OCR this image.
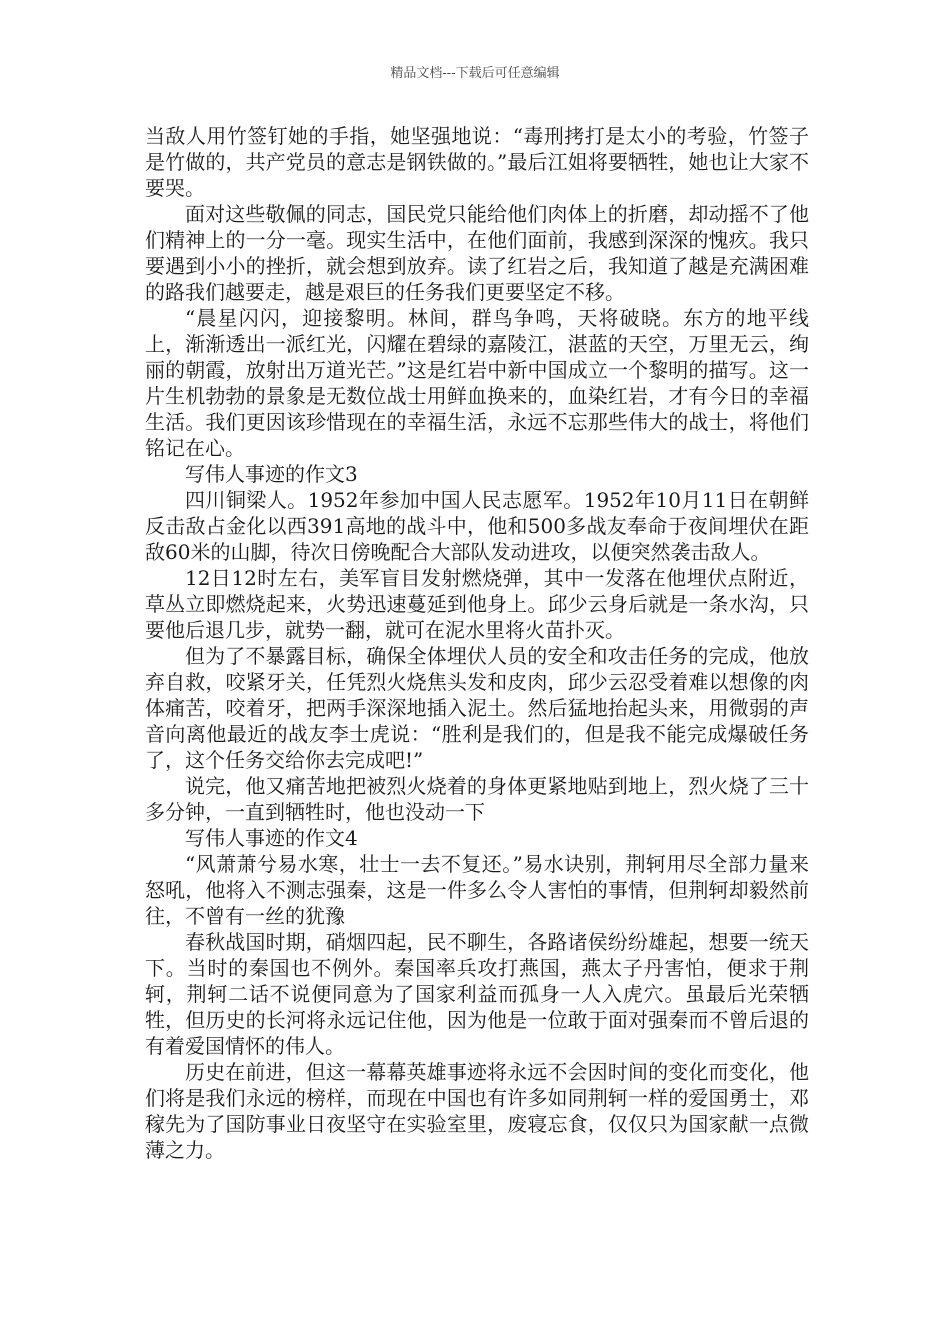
精品文档---下载后可任意编辑

当敌人用竹签钉她的手指，她坚强地说：“毒刑拷打是太小的考验，竹签子是竹做的，共产党员的意志是钢铁做的。”最后江姐将要牺牲，她也让大家不要哭。

面对这些敬佩的同志，国民党只能给他们肉体上的折磨，却动摇不了他们精神上的一分一毫。现实生活中，在他们面前，我感到深深的愧疚。我只要遇到小小的挫折，就会想到放弃。读了红岩之后，我知道了越是充满困难的路我们越要走，越是艰巨的任务我们更要坚定不移。

“晨星闪闪，迎接黎明。林间，群鸟争鸣，天将破晓。东方的地平线上，渐渐透出一派红光，闪耀在碧绿的嘉陵江，湛蓝的天空，万里无云，绚丽的朝霞，放射出万道光芒。”这是红岩中新中国成立一个黎明的描写。这一片生机勃勃的景象是无数位战士用鲜血换来的，血染红岩，才有今日的幸福生活。我们更因该珍惜现在的幸福生活，永远不忘那些伟大的战士，将他们铭记在心。

写伟人事迹的作文3

四川铜梁人。1952年参加中国人民志愿军。1952年10月11日在朝鲜反击敌占金化以西391高地的战斗中，他和500多战友奉命于夜间埋伏在距敌60米的山脚，待次日傍晚配合大部队发动进攻，以便突然袭击敌人。

12日12时左右，美军盲目发射燃烧弹，其中一发落在他埋伏点附近，草丛立即燃烧起来，火势迅速蔓延到他身上。邱少云身后就是一条水沟，只要他后退几步，就势一翻，就可在泥水里将火苗扑灭。

但为了不暴露目标，确保全体埋伏人员的安全和攻击任务的完成，他放弃自救，咬紧牙关，任凭烈火烧焦头发和皮肉，邱少云忍受着难以想像的肉体痛苦，咬着牙，把两手深深地插入泥土。然后猛地抬起头来，用微弱的声音向离他最近的战友李士虎说：“胜利是我们的，但是我不能完成爆破任务了，这个任务交给你去完成吧!”

说完，他又痛苦地把被烈火烧着的身体更紧地贴到地上，烈火烧了三十多分钟，一直到牺牲时，他也没动一下

写伟人事迹的作文4

“风萧萧兮易水寒，壮士一去不复还。”易水诀别，荆轲用尽全部力量来怒吼，他将入不测志强秦，这是一件多么令人害怕的事情，但荆轲却毅然前往，不曾有一丝的犹豫

春秋战国时期，硝烟四起，民不聊生，各路诸侯纷纷雄起，想要一统天下。当时的秦国也不例外。秦国率兵攻打燕国，燕太子丹害怕，便求于荆轲，荆轲二话不说便同意为了国家利益而孤身一人入虎穴。虽最后光荣牺牲，但历史的长河将永远记住他，因为他是一位敢于面对强秦而不曾后退的有着爱国情怀的伟人。

历史在前进，但这一幕幕英雄事迹将永远不会因时间的变化而变化，他们将是我们永远的榜样，而现在中国也有许多如同荆轲一样的爱国勇士，邓稼先为了国防事业日夜坚守在实验室里，废寝忘食，仅仅只为国家献一点微薄之力。
